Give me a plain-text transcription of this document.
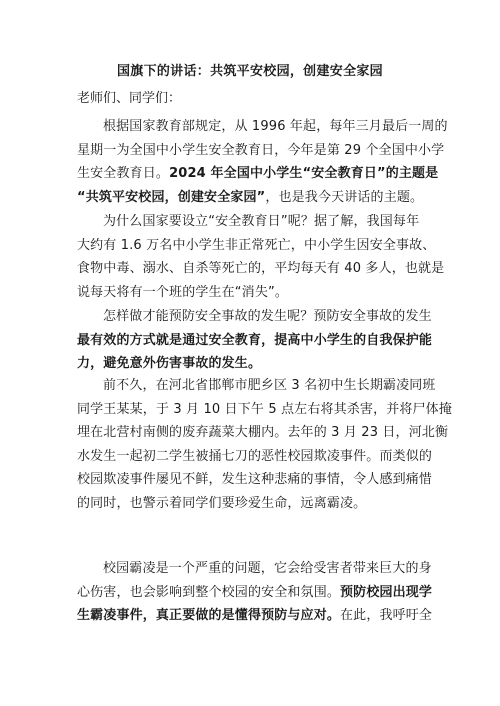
国旗下的讲话：共筑平安校园，创建安全家园
老师们、同学们：
根据国家教育部规定，从 1996 年起，每年三月最后一周的
星期一为全国中小学生安全教育日，今年是第 29 个全国中小学
生安全教育日。2024 年全国中小学生“安全教育日”的主题是
“共筑平安校园，创建安全家园”，也是我今天讲话的主题。
为什么国家要设立“安全教育日”呢？据了解，我国每年
大约有 1.6 万名中小学生非正常死亡，中小学生因安全事故、
食物中毒、溺水、自杀等死亡的，平均每天有 40 多人，也就是
说每天将有一个班的学生在“消失”。
怎样做才能预防安全事故的发生呢？预防安全事故的发生
最有效的方式就是通过安全教育，提高中小学生的自我保护能
力，避免意外伤害事故的发生。
前不久，在河北省邯郸市肥乡区 3 名初中生长期霸凌同班
同学王某某，于 3 月 10 日下午 5 点左右将其杀害，并将尸体掩
埋在北营村南侧的废弃蔬菜大棚内。去年的 3 月 23 日，河北衡
水发生一起初二学生被捅七刀的恶性校园欺凌事件。而类似的
校园欺凌事件屡见不鲜，发生这种悲痛的事情，令人感到痛惜
的同时，也警示着同学们要珍爱生命，远离霸凌。
校园霸凌是一个严重的问题，它会给受害者带来巨大的身
心伤害，也会影响到整个校园的安全和氛围。预防校园出现学
生霸凌事件，真正要做的是懂得预防与应对。在此，我呼吁全
